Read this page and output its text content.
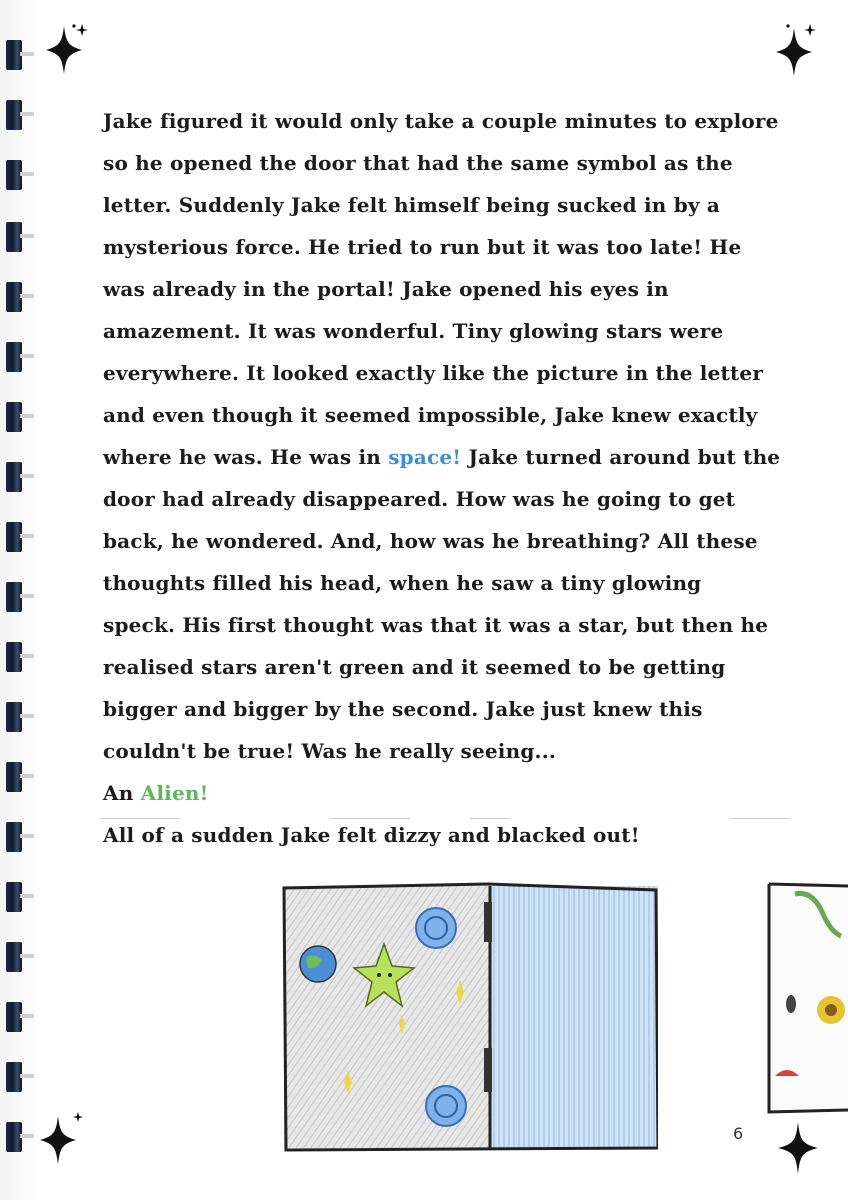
Jake figured it would only take a couple minutes to explore
so he opened the door that had the same symbol as the
letter. Suddenly Jake felt himself being sucked in by a
mysterious force. He tried to run but it was too late! He
was already in the portal! Jake opened his eyes in
amazement. It was wonderful. Tiny glowing stars were
everywhere. It looked exactly like the picture in the letter
and even though it seemed impossible, Jake knew exactly
where he was. He was in space! Jake turned around but the
door had already disappeared. How was he going to get
back, he wondered. And, how was he breathing? All these
thoughts filled his head, when he saw a tiny glowing
speck. His first thought was that it was a star, but then he
realised stars aren't green and it seemed to be getting
bigger and bigger by the second. Jake just knew this
couldn't be true! Was he really seeing...
An Alien!
All of a sudden Jake felt dizzy and blacked out!
6
